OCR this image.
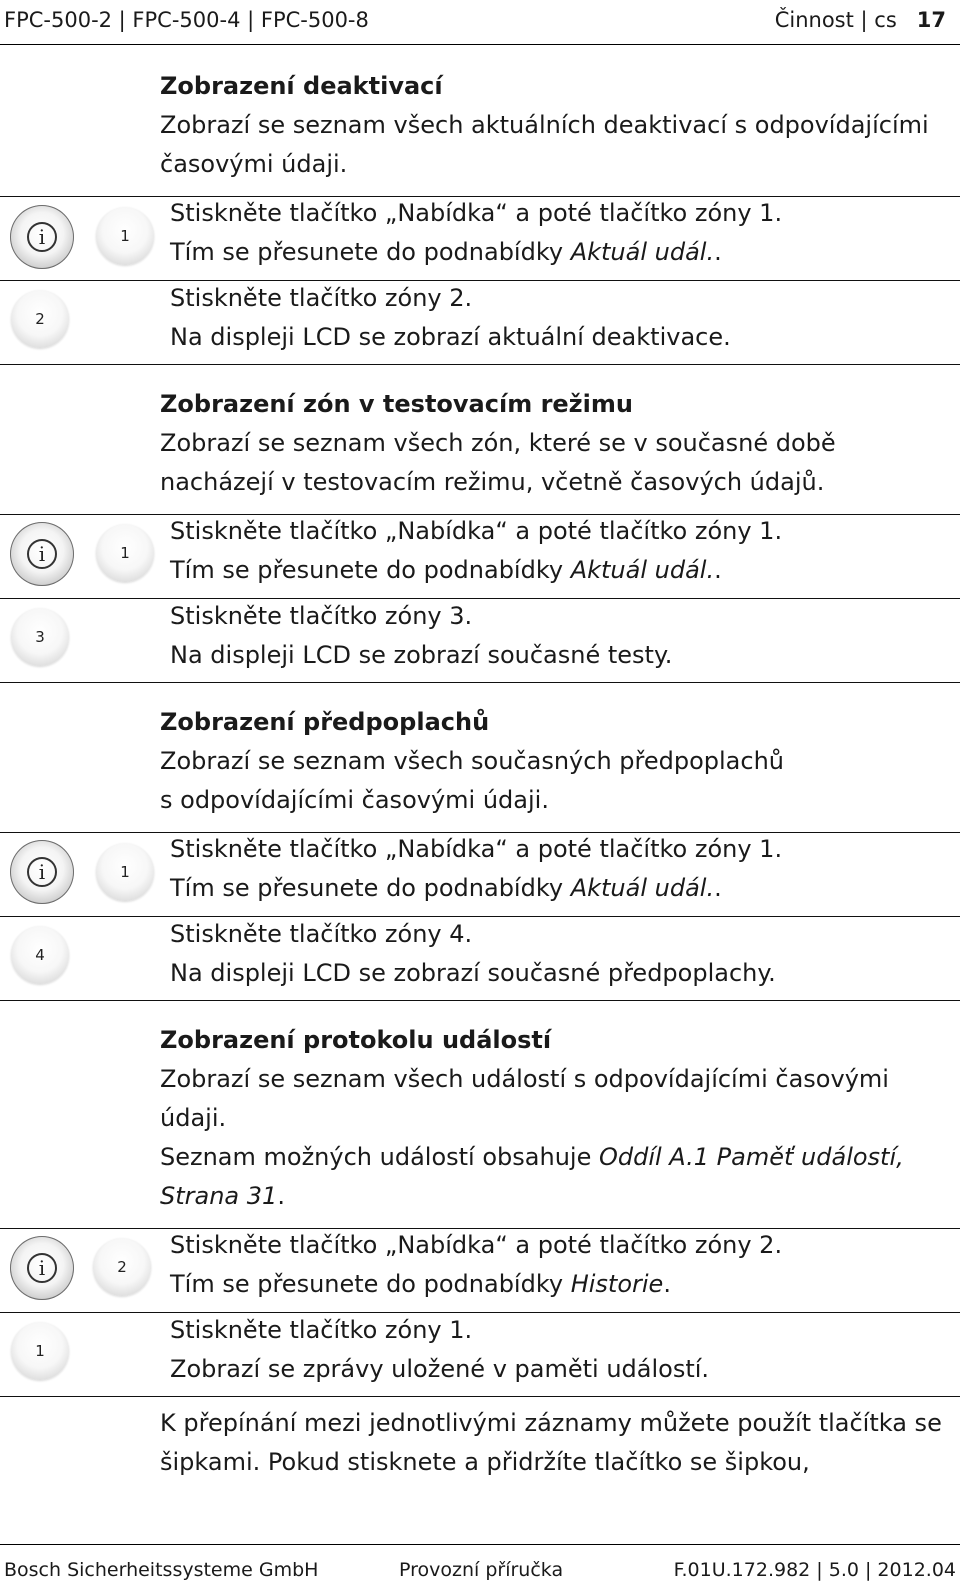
FPC-500-2 | FPC-500-4 | FPC-500-8	Činnost | cs 17
Zobrazení deaktivací
Zobrazí se seznam všech aktuálních deaktivací s odpovídajícími
časovými údaji.
i	1
Stiskněte tlačítko „Nabídka“ a poté tlačítko zóny 1.
Tím se přesunete do podnabídky Aktuál udál..
2
Stiskněte tlačítko zóny 2.
Na displeji LCD se zobrazí aktuální deaktivace.
Zobrazení zón v testovacím režimu
Zobrazí se seznam všech zón, které se v současné době
nacházejí v testovacím režimu, včetně časových údajů.
i	1
Stiskněte tlačítko „Nabídka“ a poté tlačítko zóny 1.
Tím se přesunete do podnabídky Aktuál udál..
3
Stiskněte tlačítko zóny 3.
Na displeji LCD se zobrazí současné testy.
Zobrazení předpoplachů
Zobrazí se seznam všech současných předpoplachů
s odpovídajícími časovými údaji.
i	1
Stiskněte tlačítko „Nabídka“ a poté tlačítko zóny 1.
Tím se přesunete do podnabídky Aktuál udál..
4
Stiskněte tlačítko zóny 4.
Na displeji LCD se zobrazí současné předpoplachy.
Zobrazení protokolu událostí
Zobrazí se seznam všech událostí s odpovídajícími časovými
údaji.
Seznam možných událostí obsahuje Oddíl A.1 Paměť událostí,
Strana 31.
i	2
Stiskněte tlačítko „Nabídka“ a poté tlačítko zóny 2.
Tím se přesunete do podnabídky Historie.
1
Stiskněte tlačítko zóny 1.
Zobrazí se zprávy uložené v paměti událostí.
K přepínání mezi jednotlivými záznamy můžete použít tlačítka se
šipkami. Pokud stisknete a přidržíte tlačítko se šipkou,
Bosch Sicherheitssysteme GmbH	Provozní příručka	F.01U.172.982 | 5.0 | 2012.04
